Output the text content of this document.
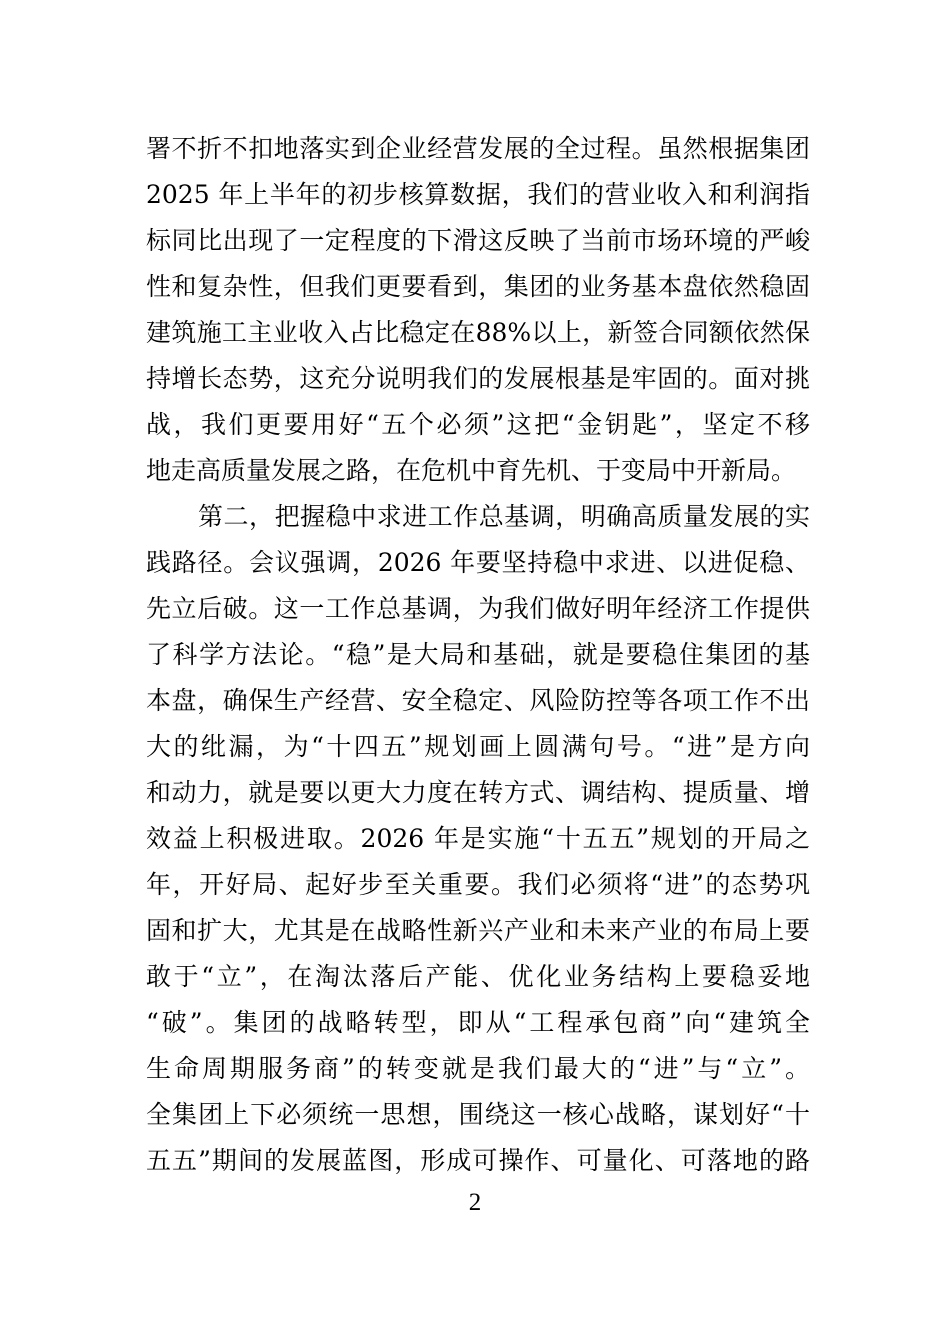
署不折不扣地落实到企业经营发展的全过程。虽然根据集团
2025 年上半年的初步核算数据，我们的营业收入和利润指
标同比出现了一定程度的下滑这反映了当前市场环境的严峻
性和复杂性，但我们更要看到，集团的业务基本盘依然稳固
建筑施工主业收入占比稳定在88%以上，新签合同额依然保
持增长态势，这充分说明我们的发展根基是牢固的。面对挑
战，我们更要用好“五个必须”这把“金钥匙”，坚定不移
地走高质量发展之路，在危机中育先机、于变局中开新局。
第二，把握稳中求进工作总基调，明确高质量发展的实
践路径。会议强调，2026 年要坚持稳中求进、以进促稳、
先立后破。这一工作总基调，为我们做好明年经济工作提供
了科学方法论。“稳”是大局和基础，就是要稳住集团的基
本盘，确保生产经营、安全稳定、风险防控等各项工作不出
大的纰漏，为“十四五”规划画上圆满句号。“进”是方向
和动力，就是要以更大力度在转方式、调结构、提质量、增
效益上积极进取。2026 年是实施“十五五”规划的开局之
年，开好局、起好步至关重要。我们必须将“进”的态势巩
固和扩大，尤其是在战略性新兴产业和未来产业的布局上要
敢于“立”，在淘汰落后产能、优化业务结构上要稳妥地
“破”。集团的战略转型，即从“工程承包商”向“建筑全
生命周期服务商”的转变就是我们最大的“进”与“立”。
全集团上下必须统一思想，围绕这一核心战略，谋划好“十
五五”期间的发展蓝图，形成可操作、可量化、可落地的路
2
